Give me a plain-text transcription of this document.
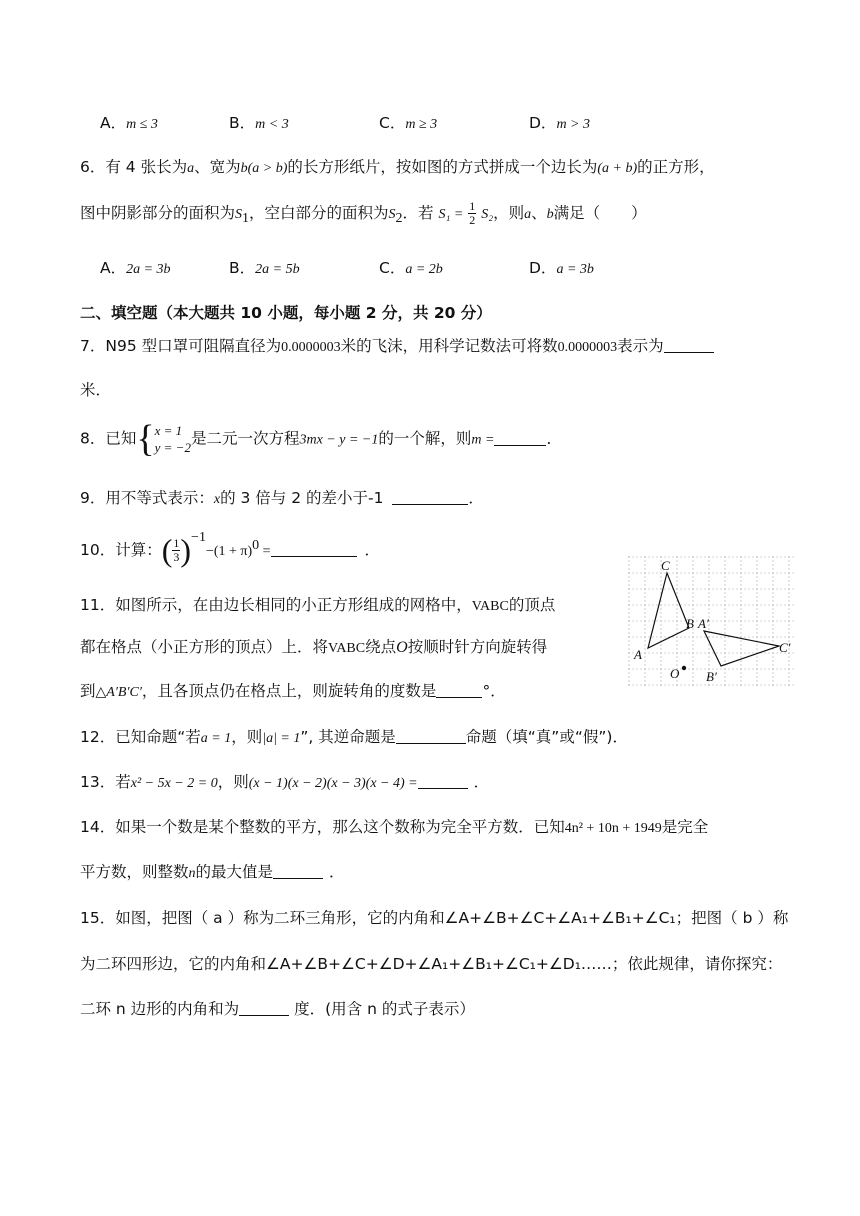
A．m ≤ 3	B．m < 3	C．m ≥ 3	D．m > 3
6．有 4 张长为a、宽为b(a > b)的长方形纸片，按如图的方式拼成一个边长为(a + b)的正方形，
图中阴影部分的面积为$S_1$，空白部分的面积为$S_2$．若 $S_1 = \frac{1}{2} S_2$，则a、b满足（　　）
A．2a = 3b	B．2a = 5b	C．a = 2b	D．a = 3b
二、填空题（本大题共 10 小题，每小题 2 分，共 20 分）
7．N95 型口罩可阻隔直径为0.0000003米的飞沫，用科学记数法可将数0.0000003表示为
米．
8．已知{ x = 1
y = −2 是二元一次方程3mx − y = −1的一个解，则m =	．
9．用不等式表示：x的 3 倍与 2 的差小于-1	．
10．计算：( $\frac{1}{3} )^{-1}-(1 + \pi)^0$ =	．
11．如图所示，在由边长相同的小正方形组成的网格中，VABC的顶点
都在格点（小正方形的顶点）上．将VABC绕点O按顺时针方向旋转得
到△A′B′C′，且各顶点仍在格点上，则旋转角的度数是	°．
C
A
B A′
C′
O B′
12．已知命题“若a = 1，则|a| = 1”, 其逆命题是	命题（填“真”或“假”)．
13．若x² − 5x − 2 = 0，则(x − 1)(x − 2)(x − 3)(x − 4) =	．
14．如果一个数是某个整数的平方，那么这个数称为完全平方数．已知4n² + 10n + 1949是完全
平方数，则整数n的最大值是	．
15．如图，把图（ a ）称为二环三角形，它的内角和∠A+∠B+∠C+∠A₁+∠B₁+∠C₁；把图（ b ）称
为二环四形边，它的内角和∠A+∠B+∠C+∠D+∠A₁+∠B₁+∠C₁+∠D₁……；依此规律，请你探究：
二环 n 边形的内角和为	度．(用含 n 的式子表示）
